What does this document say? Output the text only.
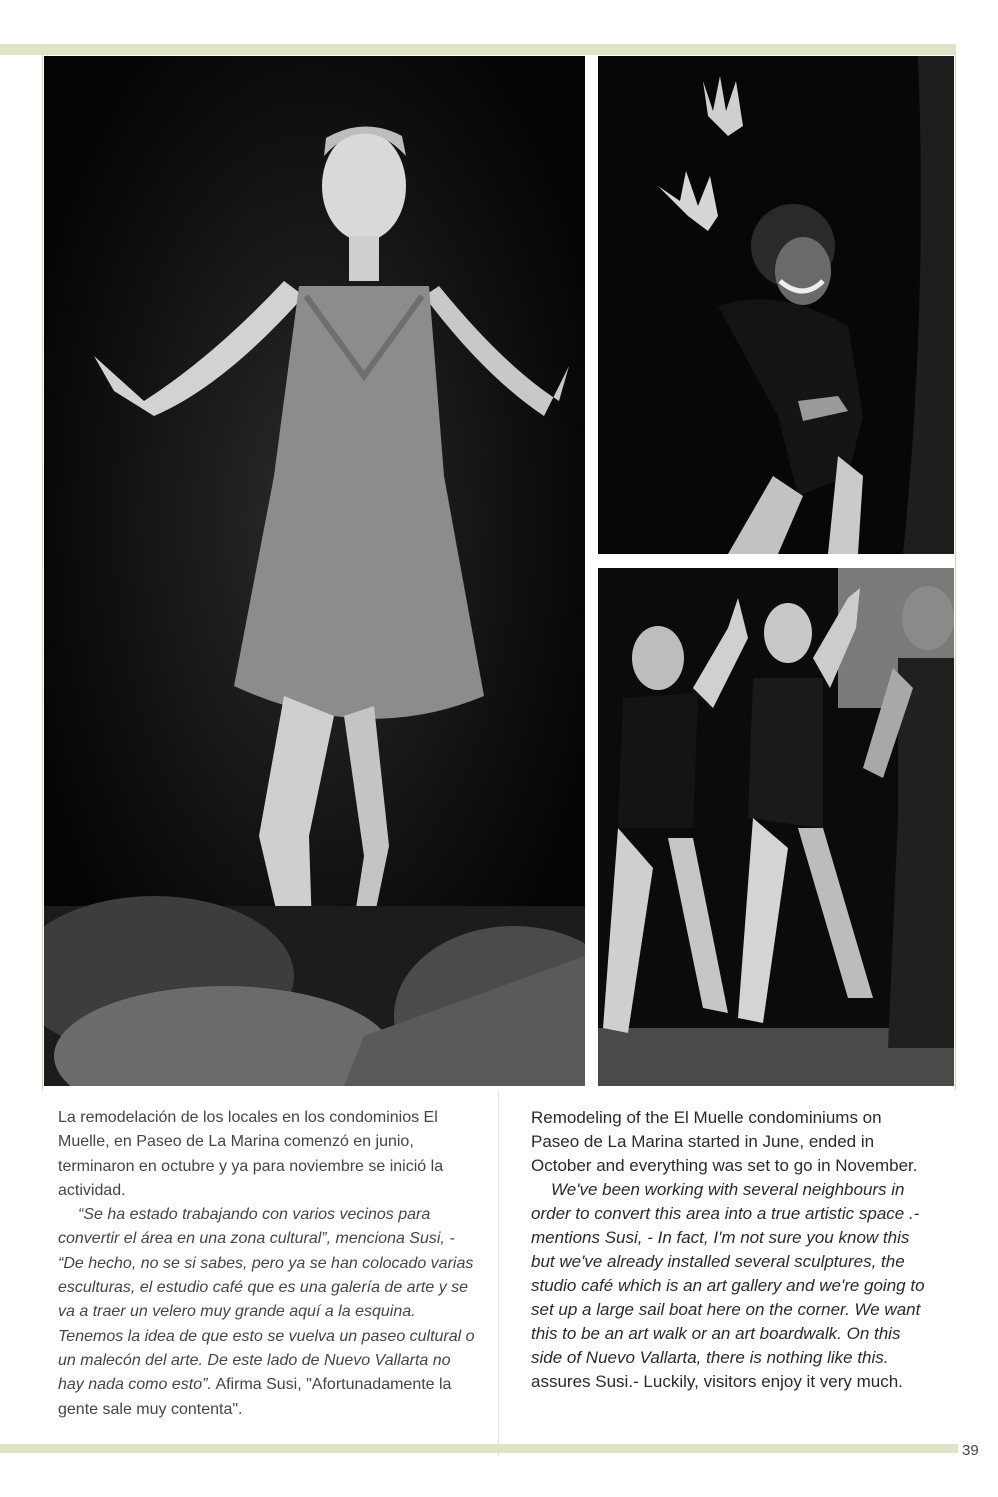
La remodelación de los locales en los condominios El Muelle, en Paseo de La Marina comenzó en junio, terminaron en octubre y ya para noviembre se inició la actividad.

“Se ha estado trabajando con varios vecinos para convertir el área en una zona cultural”, menciona Susi, - “De hecho, no se si sabes, pero ya se han colocado varias esculturas, el estudio café que es una galería de arte y se va a traer un velero muy grande aquí a la esquina. Tenemos la idea de que esto se vuelva un paseo cultural o un malecón del arte. De este lado de Nuevo Vallarta no hay nada como esto”. Afirma Susi, "Afortunadamente la gente sale muy contenta".

Remodeling of the El Muelle condominiums on Paseo de La Marina started in June, ended in October and everything was set to go in November.

We've been working with several neighbours in order to convert this area into a true artistic space .- mentions Susi, - In fact, I'm not sure you know this but we've already installed several sculptures, the studio café which is an art gallery and we're going to set up a large sail boat here on the corner. We want this to be an art walk or an art boardwalk. On this side of Nuevo Vallarta, there is nothing like this. assures Susi.- Luckily, visitors enjoy it very much.

39
